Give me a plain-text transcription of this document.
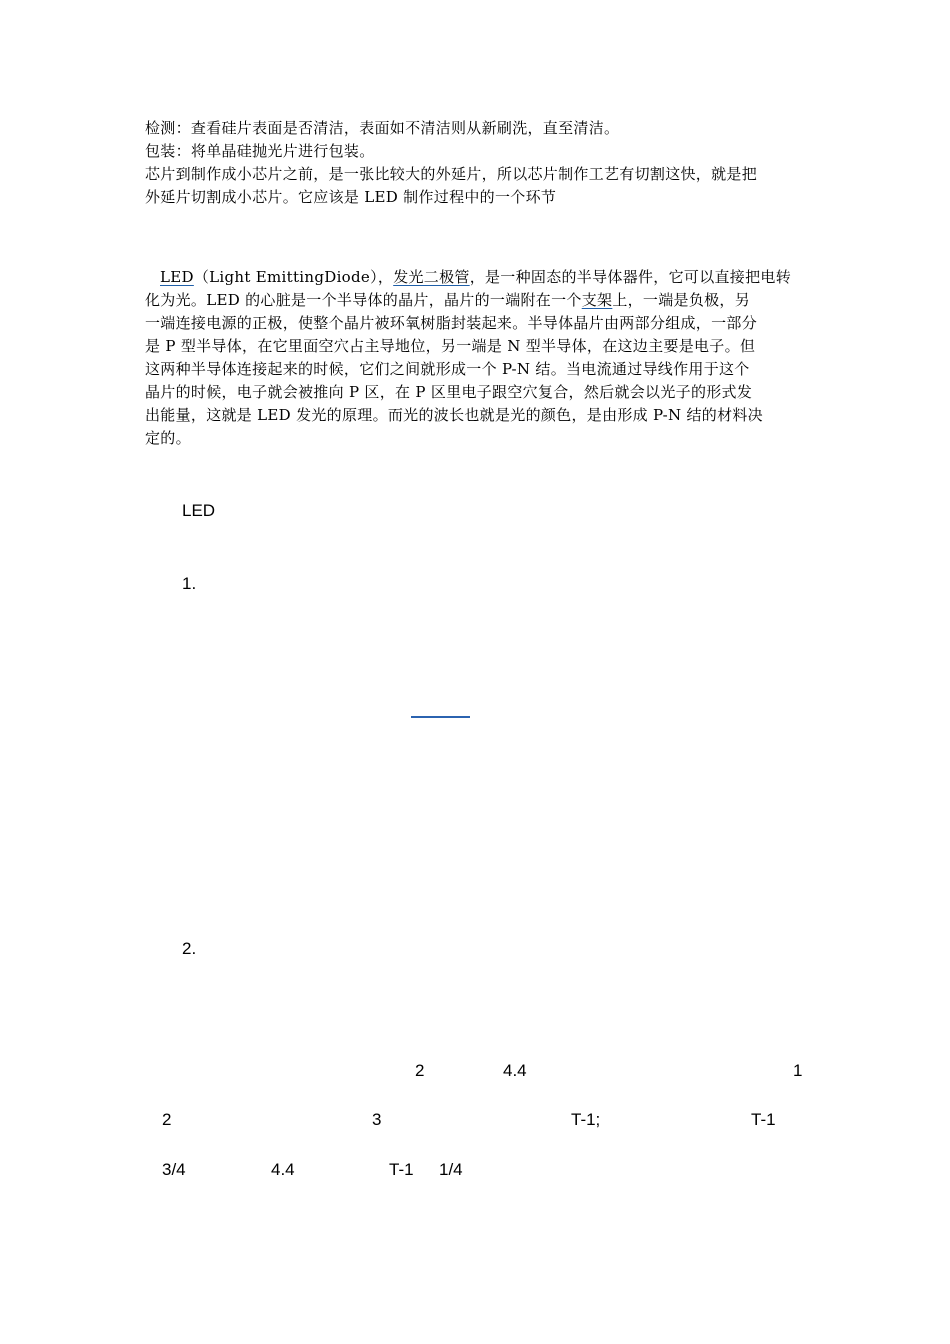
检测：查看硅片表面是否清洁，表面如不清洁则从新刷洗，直至清洁。
包装：将单晶硅抛光片进行包装。
芯片到制作成小芯片之前，是一张比较大的外延片，所以芯片制作工艺有切割这快，就是把
外延片切割成小芯片。它应该是 LED 制作过程中的一个环节
LED（Light EmittingDiode），发光二极管，是一种固态的半导体器件，它可以直接把电转
化为光。LED 的心脏是一个半导体的晶片，晶片的一端附在一个支架上，一端是负极，另
一端连接电源的正极，使整个晶片被环氧树脂封装起来。半导体晶片由两部分组成，一部分
是 P 型半导体，在它里面空穴占主导地位，另一端是 N 型半导体，在这边主要是电子。但
这两种半导体连接起来的时候，它们之间就形成一个 P-N 结。当电流通过导线作用于这个
晶片的时候，电子就会被推向 P 区，在 P 区里电子跟空穴复合，然后就会以光子的形式发
出能量，这就是 LED 发光的原理。而光的波长也就是光的颜色，是由形成 P-N 结的材料决
定的。
LED
1.
2.
2	4.4	1
2	3	T-1;	T-1
3/4	4.4	T-1 1/4
